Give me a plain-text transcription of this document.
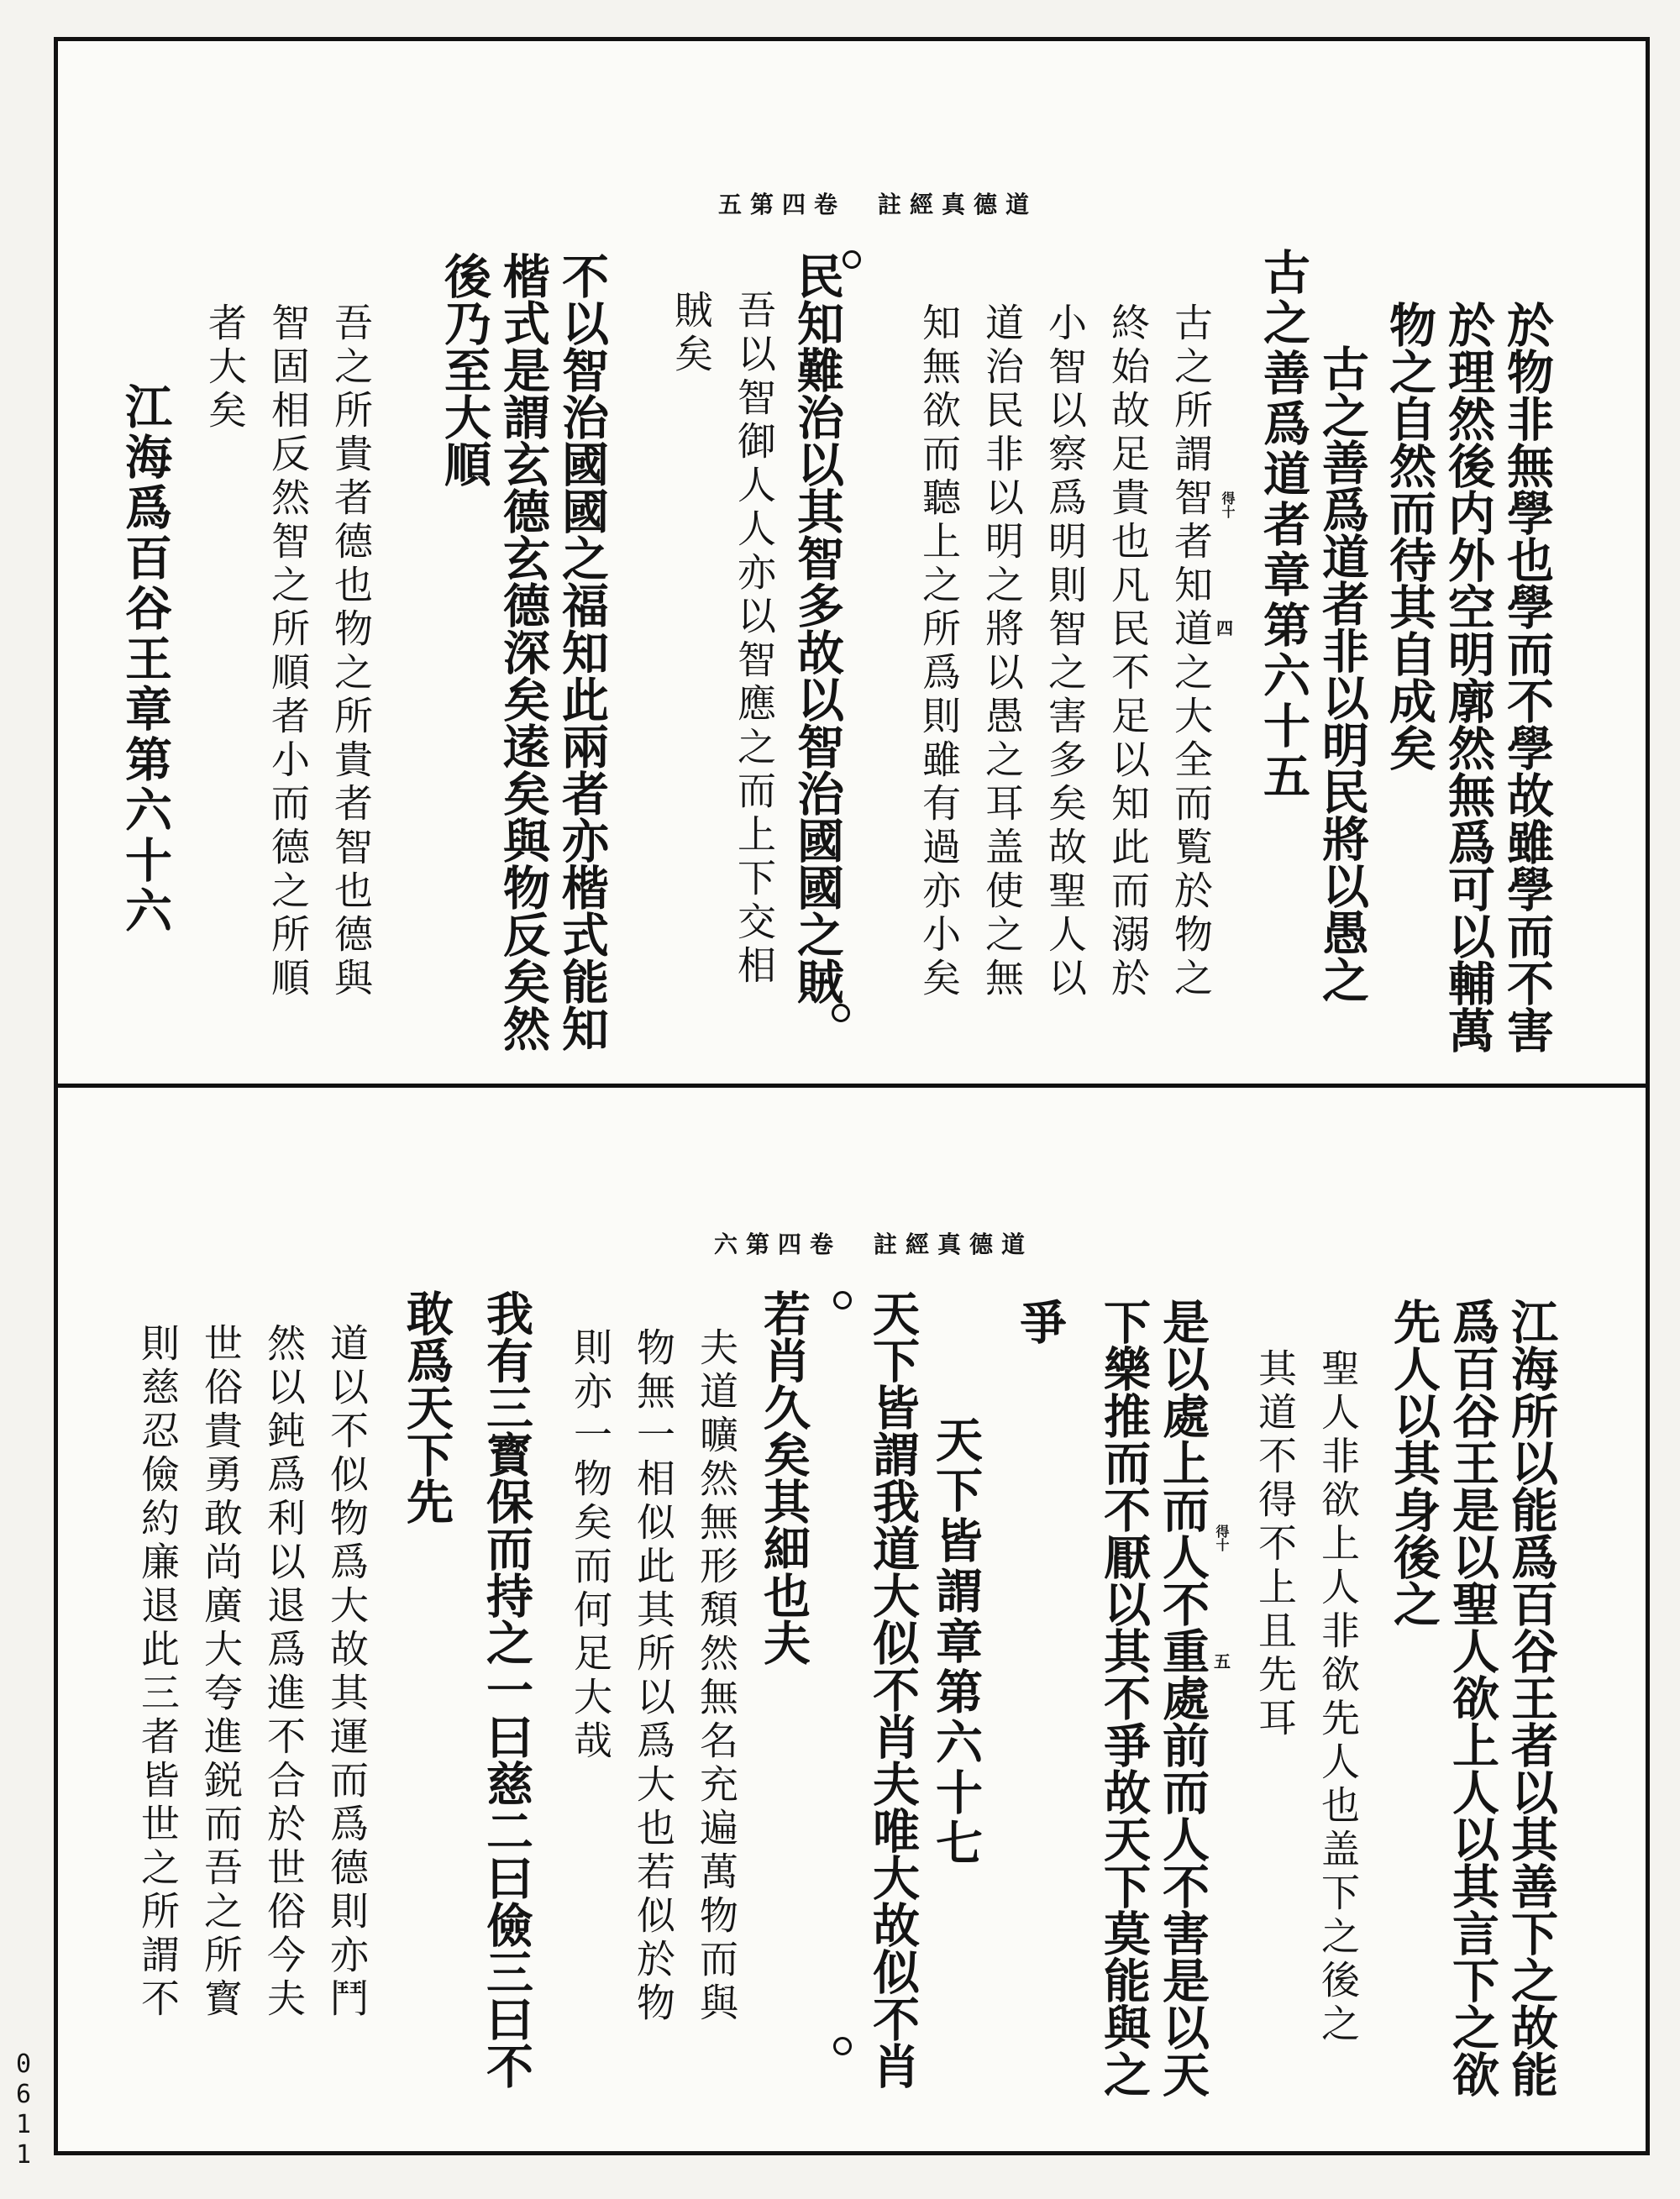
五第四卷　註經真德道
於物非無學也學而不學故雖學而不害
於理然後内外空明廓然無爲可以輔萬
物之自然而待其自成矣
古之善爲道者章第六十五 古之善爲道者非以明民將以愚之
古之所謂智者知道之大全而覧於物之
終始故足貴也凡民不足以知此而溺於
小智以察爲明則智之害多矣故聖人以
道治民非以明之將以愚之耳盖使之無
知無欲而聽上之所爲則雖有過亦小矣
民知難治以其智多故以智治國國之賊
吾以智御人人亦以智應之而上下交相
賊矣
不以智治國國之福知此兩者亦楷式能知
楷式是謂玄德玄德深矣逺矣與物反矣然
後乃至大順
吾之所貴者德也物之所貴者智也德與
智固相反然智之所順者小而德之所順
者大矣
江海爲百谷王章第六十六	得十
四
六第四卷　註經真德道
江海所以能爲百谷王者以其善下之故能
爲百谷王是以聖人欲上人以其言下之欲
先人以其身後之
聖人非欲上人非欲先人也盖下之後之
其道不得不上且先耳
是以處上而人不重處前而人不害是以天
下樂推而不厭以其不爭故天下莫能與之
爭
天下皆謂章第六十七
天下皆謂我道大似不肖夫唯大故似不肖
若肖久矣其細也夫
夫道曠然無形頽然無名充遍萬物而與
物無一相似此其所以爲大也若似於物
則亦一物矣而何足大哉
我有三寳保而持之一曰慈二曰儉三曰不
敢爲天下先
道以不似物爲大故其運而爲德則亦鬥
然以鈍爲利以退爲進不合於世俗今夫
世俗貴勇敢尚廣大夸進鋭而吾之所寳
則慈忍儉約廉退此三者皆世之所謂不	得十
五
0611
